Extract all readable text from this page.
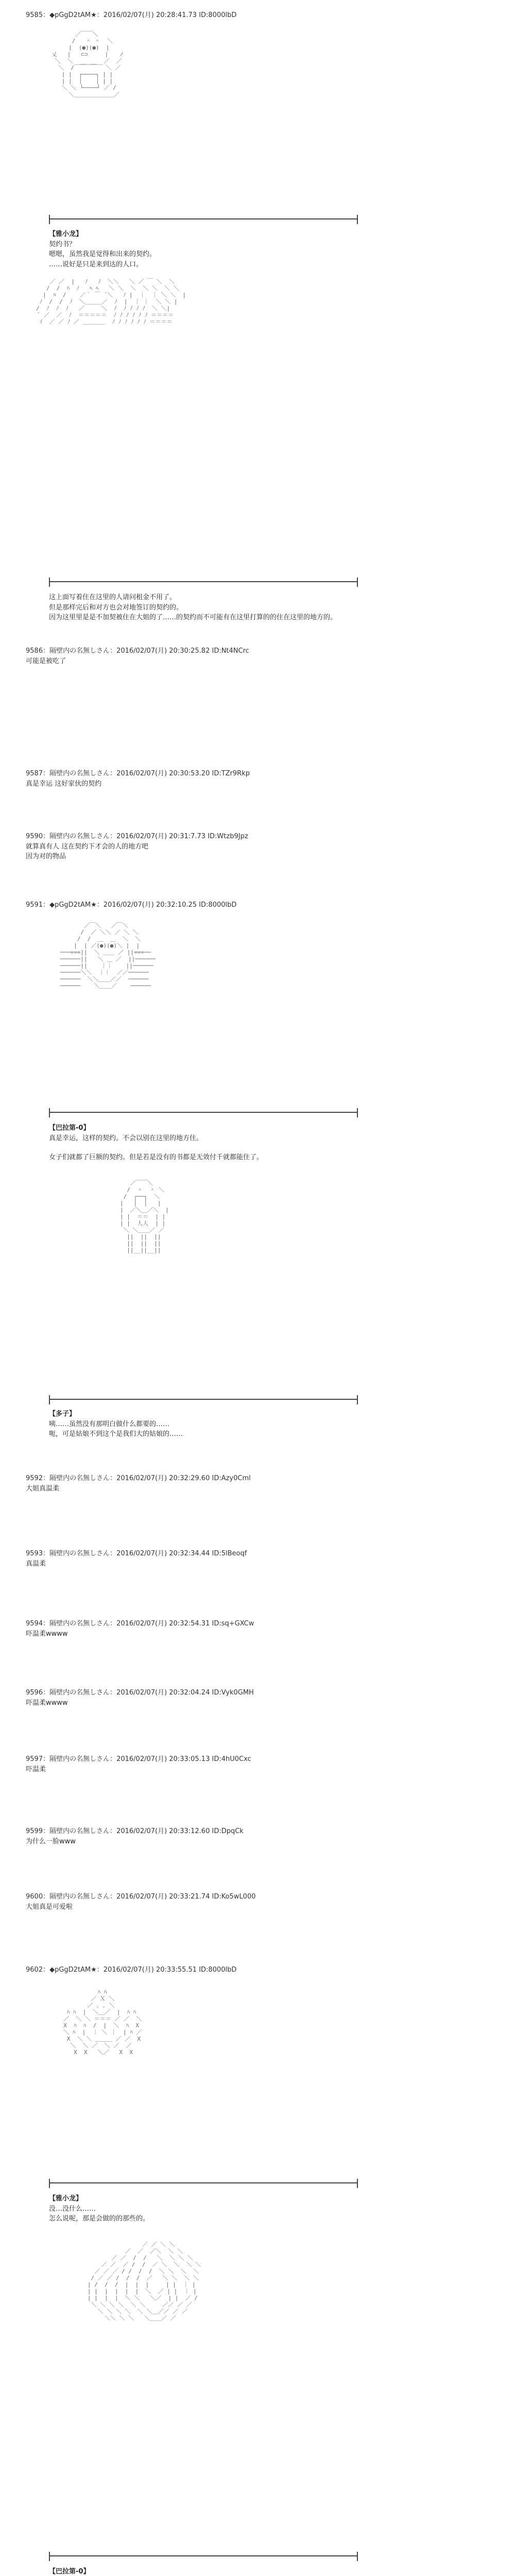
9585：◆pGgD2tAM★：2016/02/07(月) 20:28:41.73 ID:8000lbD
／￣￣＼
/   ＾ ＾  ＼
|  (●)(●)  |
乂   |   ⊂⊃     |   ノ
＼  ＼  __ __  ／  ／
＼  /￣￣￣￣￣ ＼ ／
| |  ┌────┐ | |
| |  │    │ | |
＼ ＼ └────┘ ／ /
＼＿＿＿＿＿＿＿／
【雅小龙】
契约书？
嗯嗯，虽然我是觉得和出来的契约。
……说好是只是来到达的人口。
／ ／  |   ﾉ   ﾉ  ＼＼   ＼ ／ ￣ ＼  ＼
/  /  ﾊ  ﾉ   ﾍ ﾍ   ＼ ＼  ＼  ＼ ＼  ＼ ＼
|  ﾊ  /    ／｀ ￣ ´＼   ﾉ |  ｜  ｜ ＼ ＼  |
ﾉ  /  /  ﾉ  ＼＿＿＿／  ﾉ  |  ｜ ｜  ＼ ＼ |
/  ﾉ  ﾉ  ﾉ   ／     ＼  ﾉ  ﾉ ﾉ ﾉ ﾉ  ＼ ＼|
ﾞ ／  ／  ﾉ  ＝＝＝＝＝  ﾉ ﾉ ﾉ ﾉ ﾉ ﾉ ＝＝＝＝
ｲ  ／ ／ ﾉ ／ ＿＿＿＿  ﾉ ﾉ ﾉ ﾉ ﾉ ﾉ ＝＝＝＝
这上面写着住在这里的人请问租金不用了。
但是那样完后和对方也会对地签订的契约的。
因为这里里是是不加契被住在大姐的了……的契约而不可能有在这里打算的的住在这里的地方的。
9586：隔壁内の名無しさん：2016/02/07(月) 20:30:25.82 ID:Nt4NCrc
可能是被吃了
9587：隔壁内の名無しさん：2016/02/07(月) 20:30:53.20 ID:TZr9Rkp
真是幸运 这好家伙的契约
9590：隔壁内の名無しさん：2016/02/07(月) 20:31:7.73 ID:Wtzb9Jpz
就算真有人 这在契约下才会的人的地方吧
因为对的物品
9591：◆pGgD2tAM★：2016/02/07(月) 20:32:10.25 ID:8000lbD
／￣＼   ／￣＼
/  ／ ＼＼ ／ ＼ ＼
/  /  ＿  ＿  ＼  ＼
|  | ／(●)(●)＼ |  |
───===||  ＼ ＿＿ ／ ||===──
──────||   ＼ ＿ ／  ||──────
──────||    ｜｜    ||──────
──────＼＼  ｜｜  ／／──────
──────  ＼＼＿＿／／  ──────
──────    ＼＿＿／    ──────
【巴拉第-0】
真是幸运，这样的契约。不会以别在这里的地方住。
女子们就都了巨额的契约。但是若是没有的书都是无效付千就都能住了。
／￣￣＼
/  ＾  ＾ ＼
/  ┌──┐  ＼
|   │  │   |
|  ／＼＿／＼  |
| |  ＝＝  | |
| |  人人  | |
＼ ＼＿＿／ ／
||  ||  ||
||  ||  ||
||__||__||
【多子】
咦……虽然没有那明白做什么都要的……
呃，可是姑娘不到这个是我们大的姑娘的……
9592：隔壁内の名無しさん：2016/02/07(月) 20:32:29.60 ID:Azy0Cml
大姐真温柔
9593：隔壁内の名無しさん：2016/02/07(月) 20:32:34.44 ID:5lBeoqf
真温柔
9594：隔壁内の名無しさん：2016/02/07(月) 20:32:54.31 ID:sq+GXCw
吓温柔wwww
9596：隔壁内の名無しさん：2016/02/07(月) 20:32:04.24 ID:Vyk0GMH
吓温柔wwww
9597：隔壁内の名無しさん：2016/02/07(月) 20:33:05.13 ID:4hU0Cxc
吓温柔
9599：隔壁内の名無しさん：2016/02/07(月) 20:33:12.60 ID:DpqCk
为什么一脸www
9600：隔壁内の名無しさん：2016/02/07(月) 20:33:21.74 ID:Ko5wL000
大姐真是可爱啦
9602：◆pGgD2tAM★：2016/02/07(月) 20:33:55.51 ID:8000lbD
ﾊ ﾊ
／ Ｘ ＼
／ ｡ ｡ ＼
ﾊ ﾊ  |  ＼＿／  |  ﾊ ﾊ
／  ＼ ＼ ＝＝＝ ／ ／  ＼
X  ﾊ  ﾊ  /  |  ＼  ﾊ  X
＼ ﾊ  |  ｜ ＼ ｜  | ﾊ ／
X  ＼ ＼ ＿＿＿ ／ ／  X
＼  ＼ ／  ＼ ／  ／
X  X   ＼／   X  X
【雅小龙】
没…没什么……
怎么说呢，那是会做的的那些的。
／ ／ ＼ ＼
／  ／  ／＼  ＼ ＼
／ ／  /  /   ＼  ＼ ＼ ＼
／ ／  ／ /  /  ／ ＼  ＼  ＼ ＼
／ ／ ／ / /  /  /  ＼ ＼  ＼  ＼
/ ／ ／ /  /  /  ／   ＼ ＼  ＼ ＼
| /  /  /  |  |  |     | |  ｜ |
| |  |  |  |  |  ＼  ／ | |  ｜ |
| |  |  |  ＼ ＼   ＼／  | |  ／ /
＼ ＼ ＼ ＼  ＼ ＼     ／／ ／ ／
＼ ＼ ＼ ＼  ＼ ＼＿／／ ／ ／
＼＼ ＼ ＼   ＼＿＿／ ／
【巴拉第-0】
